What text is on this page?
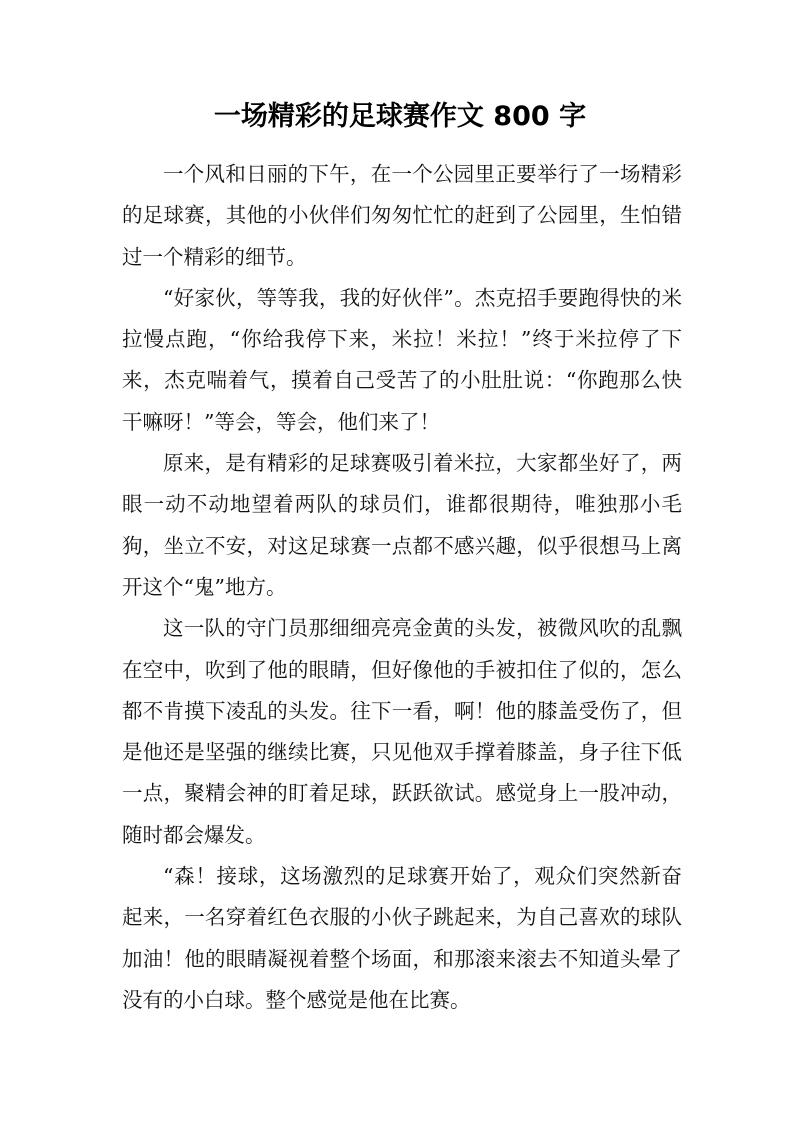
一场精彩的足球赛作文 800 字

一个风和日丽的下午，在一个公园里正要举行了一场精彩的足球赛，其他的小伙伴们匆匆忙忙的赶到了公园里，生怕错过一个精彩的细节。

“好家伙，等等我，我的好伙伴”。杰克招手要跑得快的米拉慢点跑，“你给我停下来，米拉！米拉！”终于米拉停了下来，杰克喘着气，摸着自己受苦了的小肚肚说：“你跑那么快干嘛呀！”等会，等会，他们来了！

原来，是有精彩的足球赛吸引着米拉，大家都坐好了，两眼一动不动地望着两队的球员们，谁都很期待，唯独那小毛狗，坐立不安，对这足球赛一点都不感兴趣，似乎很想马上离开这个“鬼”地方。

这一队的守门员那细细亮亮金黄的头发，被微风吹的乱飘在空中，吹到了他的眼睛，但好像他的手被扣住了似的，怎么都不肯摸下凌乱的头发。往下一看，啊！他的膝盖受伤了，但是他还是坚强的继续比赛，只见他双手撑着膝盖，身子往下低一点，聚精会神的盯着足球，跃跃欲试。感觉身上一股冲动，随时都会爆发。

“森！接球，这场激烈的足球赛开始了，观众们突然新奋起来，一名穿着红色衣服的小伙子跳起来，为自己喜欢的球队加油！他的眼睛凝视着整个场面，和那滚来滚去不知道头晕了没有的小白球。整个感觉是他在比赛。
